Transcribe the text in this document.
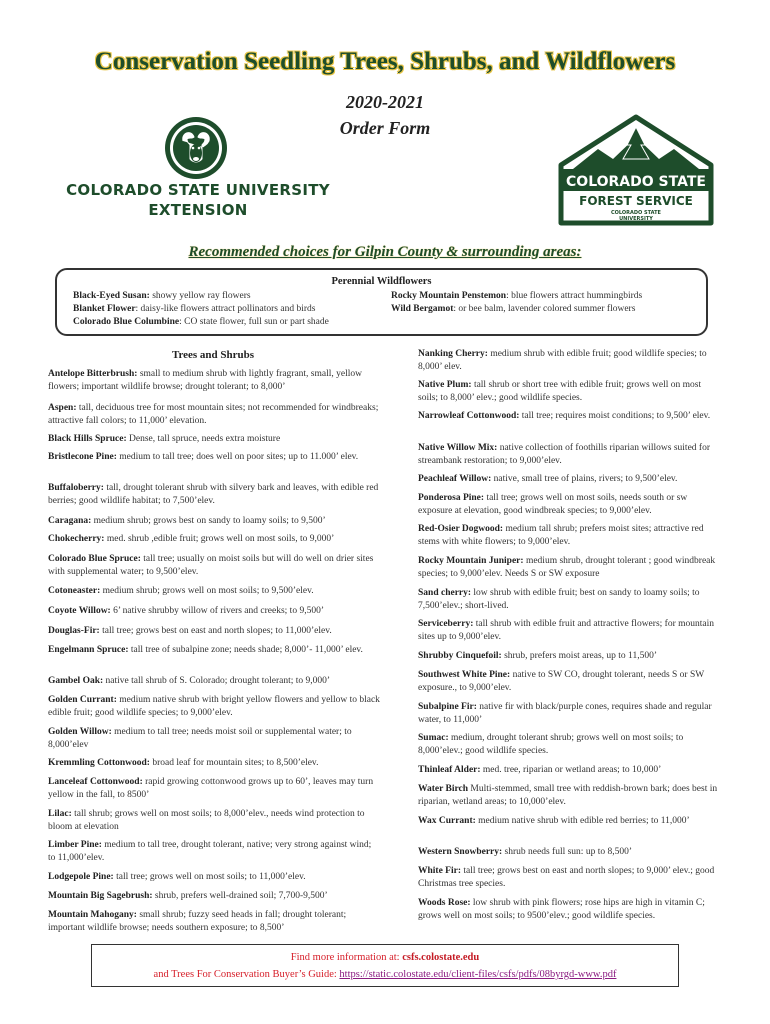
Conservation Seedling Trees, Shrubs, and Wildflowers
2020-2021
Order Form
COLORADO STATE UNIVERSITY
EXTENSION
COLORADO STATE
FOREST SERVICE
COLORADO STATE
UNIVERSITY
Recommended choices for Gilpin County & surrounding areas:
Perennial Wildflowers
Black-Eyed Susan: showy yellow ray flowers
Blanket Flower: daisy-like flowers attract pollinators and birds
Colorado Blue Columbine: CO state flower, full sun or part shade
Rocky Mountain Penstemon: blue flowers attract hummingbirds
Wild Bergamot: or bee balm, lavender colored summer flowers
Trees and Shrubs
Antelope Bitterbrush: small to medium shrub with lightly fragrant, small, yellow flowers; important wildlife browse; drought tolerant; to 8,000’
Aspen: tall, deciduous tree for most mountain sites; not recommended for windbreaks; attractive fall colors; to 11,000’ elevation.
Black Hills Spruce: Dense, tall spruce, needs extra moisture
Bristlecone Pine: medium to tall tree; does well on poor sites; up to 11.000’ elev.
Buffaloberry: tall, drought tolerant shrub with silvery bark and leaves, with edible red berries; good wildlife habitat; to 7,500’elev.
Caragana: medium shrub; grows best on sandy to loamy soils; to 9,500’
Chokecherry: med. shrub ,edible fruit; grows well on most soils, to 9,000’
Colorado Blue Spruce: tall tree; usually on moist soils but will do well on drier sites with supplemental water; to 9,500’elev.
Cotoneaster: medium shrub; grows well on most soils; to 9,500’elev.
Coyote Willow: 6’ native shrubby willow of rivers and creeks; to 9,500’
Douglas-Fir: tall tree; grows best on east and north slopes; to 11,000’elev.
Engelmann Spruce: tall tree of subalpine zone; needs shade; 8,000’- 11,000’ elev.
Gambel Oak: native tall shrub of S. Colorado; drought tolerant; to 9,000’
Golden Currant: medium native shrub with bright yellow flowers and yellow to black edible fruit; good wildlife species; to 9,000’elev.
Golden Willow: medium to tall tree; needs moist soil or supplemental water; to 8,000’elev
Kremmling Cottonwood: broad leaf for mountain sites; to 8,500’elev.
Lanceleaf Cottonwood: rapid growing cottonwood grows up to 60’, leaves may turn yellow in the fall, to 8500’
Lilac: tall shrub; grows well on most soils; to 8,000’elev., needs wind protection to bloom at elevation
Limber Pine: medium to tall tree, drought tolerant, native; very strong against wind; to 11,000’elev.
Lodgepole Pine: tall tree; grows well on most soils; to 11,000’elev.
Mountain Big Sagebrush: shrub, prefers well-drained soil; 7,700-9,500’
Mountain Mahogany: small shrub; fuzzy seed heads in fall; drought tolerant; important wildlife browse; needs southern exposure; to 8,500’
Nanking Cherry: medium shrub with edible fruit; good wildlife species; to 8,000’ elev.
Native Plum: tall shrub or short tree with edible fruit; grows well on most soils; to 8,000’ elev.; good wildlife species.
Narrowleaf Cottonwood: tall tree; requires moist conditions; to 9,500’ elev.
Native Willow Mix: native collection of foothills riparian willows suited for streambank restoration; to 9,000’elev.
Peachleaf Willow: native, small tree of plains, rivers; to 9,500’elev.
Ponderosa Pine: tall tree; grows well on most soils, needs south or sw exposure at elevation, good windbreak species; to 9,000’elev.
Red-Osier Dogwood: medium tall shrub; prefers moist sites; attractive red stems with white flowers; to 9,000’elev.
Rocky Mountain Juniper: medium shrub, drought tolerant ; good windbreak species; to 9,000’elev. Needs S or SW exposure
Sand cherry: low shrub with edible fruit; best on sandy to loamy soils; to 7,500’elev.; short-lived.
Serviceberry: tall shrub with edible fruit and attractive flowers; for mountain sites up to 9,000’elev.
Shrubby Cinquefoil: shrub, prefers moist areas, up to 11,500’
Southwest White Pine: native to SW CO, drought tolerant, needs S or SW exposure., to 9,000’elev.
Subalpine Fir: native fir with black/purple cones, requires shade and regular water, to 11,000’
Sumac: medium, drought tolerant shrub; grows well on most soils; to 8,000’elev.; good wildlife species.
Thinleaf Alder: med. tree, riparian or wetland areas; to 10,000’
Water Birch Multi-stemmed, small tree with reddish-brown bark; does best in riparian, wetland areas; to 10,000’elev.
Wax Currant: medium native shrub with edible red berries; to 11,000’
Western Snowberry: shrub needs full sun: up to 8,500’
White Fir: tall tree; grows best on east and north slopes; to 9,000’ elev.; good Christmas tree species.
Woods Rose: low shrub with pink flowers; rose hips are high in vitamin C; grows well on most soils; to 9500’elev.; good wildlife species.
Find more information at: csfs.colostate.edu
and Trees For Conservation Buyer’s Guide: https://static.colostate.edu/client-files/csfs/pdfs/08byrgd-www.pdf
